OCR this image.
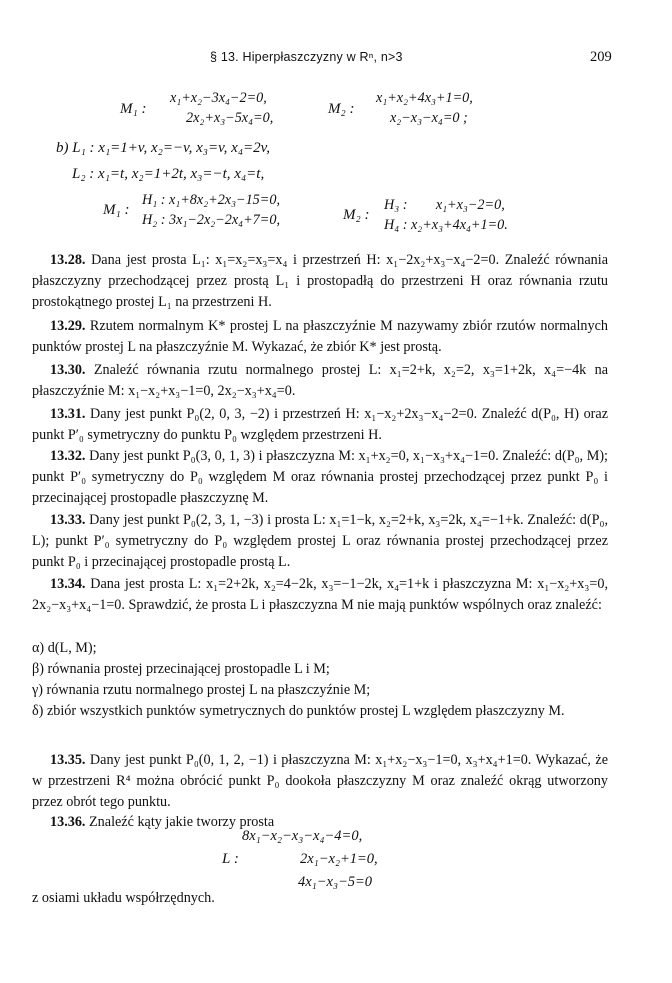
§ 13. Hiperpłaszczyzny w Rⁿ, n>3	209
M₁ :
x₁+x₂−3x₄−2=0,
2x₂+x₃−5x₄=0,
M₂ :
x₁+x₂+4x₃+1=0,
x₂−x₃−x₄=0 ;
b) L₁ : x₁=1+v, x₂=−v, x₃=v, x₄=2v,
L₂ : x₁=t, x₂=1+2t, x₃=−t, x₄=t,
M₁ :
H₁ : x₁+8x₂+2x₃−15=0,
H₂ : 3x₁−2x₂−2x₄+7=0,	M₂ :
H₃ :        x₁+x₃−2=0,
H₄ : x₂+x₃+4x₄+1=0.
13.28. Dana jest prosta L₁: x₁=x₂=x₃=x₄ i przestrzeń H: x₁−2x₂+x₃−x₄−2=0. Znaleźć równania płaszczyzny przechodzącej przez prostą L₁ i prostopadłą do przestrzeni H oraz równania rzutu prostokątnego prostej L₁ na przestrzeni H.
13.29. Rzutem normalnym K* prostej L na płaszczyźnie M nazywamy zbiór rzutów normalnych punktów prostej L na płaszczyźnie M. Wykazać, że zbiór K* jest prostą.
13.30. Znaleźć równania rzutu normalnego prostej L: x₁=2+k, x₂=2, x₃=1+2k, x₄=−4k na płaszczyźnie M: x₁−x₂+x₃−1=0, 2x₂−x₃+x₄=0.
13.31. Dany jest punkt P₀(2, 0, 3, −2) i przestrzeń H: x₁−x₂+2x₃−x₄−2=0. Znaleźć d(P₀, H) oraz punkt P′₀ symetryczny do punktu P₀ względem przestrzeni H.
13.32. Dany jest punkt P₀(3, 0, 1, 3) i płaszczyzna M: x₁+x₂=0, x₁−x₃+x₄−1=0. Znaleźć: d(P₀, M); punkt P′₀ symetryczny do P₀ względem M oraz równania prostej przechodzącej przez punkt P₀ i przecinającej prostopadle płaszczyznę M.
13.33. Dany jest punkt P₀(2, 3, 1, −3) i prosta L: x₁=1−k, x₂=2+k, x₃=2k, x₄=−1+k. Znaleźć: d(P₀, L); punkt P′₀ symetryczny do P₀ względem prostej L oraz równania prostej przechodzącej przez punkt P₀ i przecinającej prostopadle prostą L.
13.34. Dana jest prosta L: x₁=2+2k, x₂=4−2k, x₃=−1−2k, x₄=1+k i płaszczyzna M: x₁−x₂+x₃=0, 2x₂−x₃+x₄−1=0. Sprawdzić, że prosta L i płaszczyzna M nie mają punktów wspólnych oraz znaleźć:
α) d(L, M);
β) równania prostej przecinającej prostopadle L i M;
γ) równania rzutu normalnego prostej L na płaszczyźnie M;
δ) zbiór wszystkich punktów symetrycznych do punktów prostej L względem płaszczyzny M.
13.35. Dany jest punkt P₀(0, 1, 2, −1) i płaszczyzna M: x₁+x₂−x₃−1=0, x₃+x₄+1=0. Wykazać, że w przestrzeni R⁴ można obrócić punkt P₀ dookoła płaszczyzny M oraz znaleźć okrąg utworzony przez obrót tego punktu.
13.36. Znaleźć kąty jakie tworzy prosta
L :
8x₁−x₂−x₃−x₄−4=0,
2x₁−x₂+1=0,
4x₁−x₃−5=0
z osiami układu współrzędnych.
